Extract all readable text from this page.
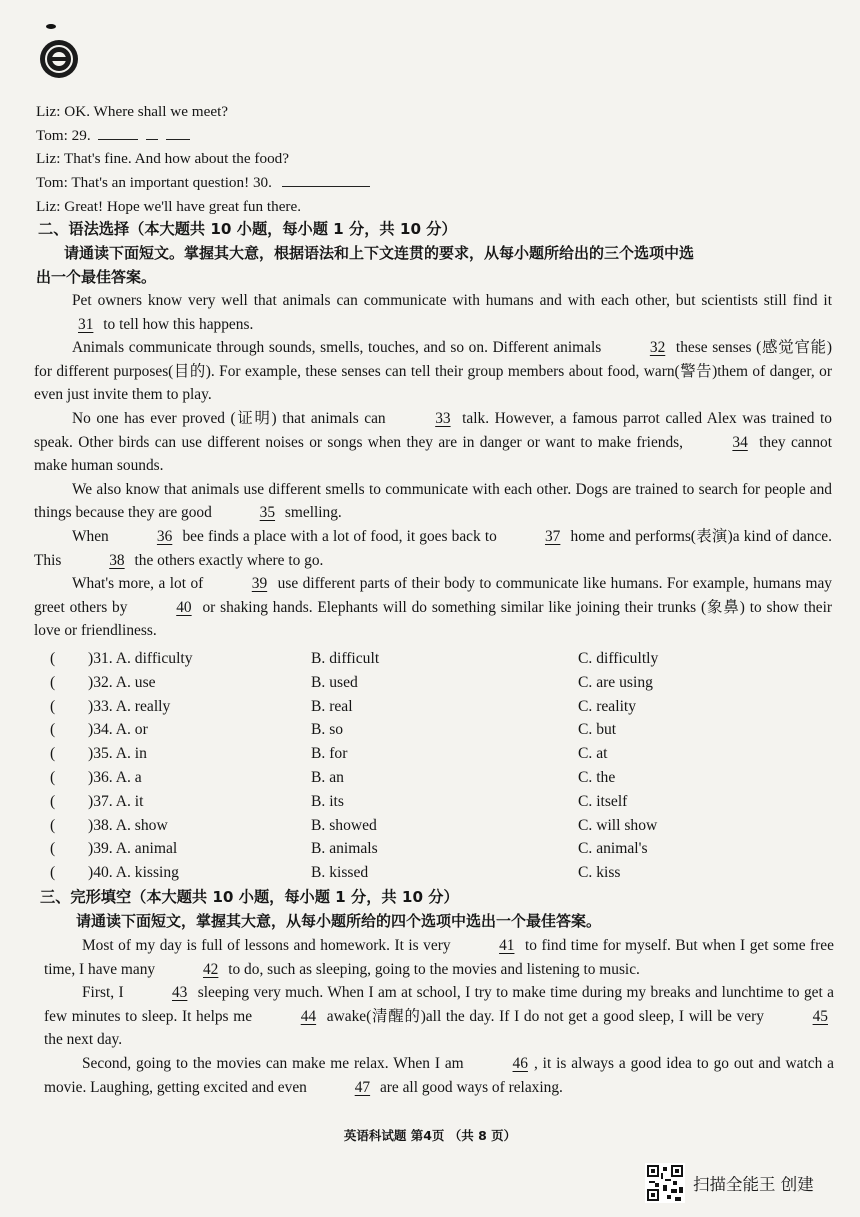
Liz: OK. Where shall we meet?
Tom: 29.
Liz: That's fine. And how about the food?
Tom: That's an important question! 30.
Liz: Great! Hope we'll have great fun there.
二、语法选择（本大题共 10 小题，每小题 1 分，共 10 分）
请通读下面短文。掌握其大意，根据语法和上下文连贯的要求，从每小题所给出的三个选项中选
出一个最佳答案。

Pet owners know very well that animals can communicate with humans and with each other, but scientists still find it 31 to tell how this happens.

Animals communicate through sounds, smells, touches, and so on. Different animals	32 these senses (感觉官能) for different purposes(目的). For example, these senses can tell their group members about food, warn(警告)them of danger, or even just invite them to play.

No one has ever proved (证明) that animals can	33 talk. However, a famous parrot called Alex was trained to speak. Other birds can use different noises or songs when they are in danger or want to make friends,	34 they cannot make human sounds.

We also know that animals use different smells to communicate with each other. Dogs are trained to search for people and things because they are good	35 smelling.

When	36 bee finds a place with a lot of food, it goes back to	37 home and performs(表演)a kind of dance. This	38 the others exactly where to go.

What's more, a lot of	39 use different parts of their body to communicate like humans. For example, humans may greet others by	40 or shaking hands. Elephants will do something similar like joining their trunks (象鼻) to show their love or friendliness.

( )31. A. difficulty	B. difficult	C. difficultly
( )32. A. use	B. used	C. are using
( )33. A. really	B. real	C. reality
( )34. A. or	B. so	C. but
( )35. A. in	B. for	C. at
( )36. A. a	B. an	C. the
( )37. A. it	B. its	C. itself
( )38. A. show	B. showed	C. will show
( )39. A. animal	B. animals	C. animal's
( )40. A. kissing	B. kissed	C. kiss
三、完形填空（本大题共 10 小题，每小题 1 分，共 10 分）
请通读下面短文，掌握其大意，从每小题所给的四个选项中选出一个最佳答案。

Most of my day is full of lessons and homework. It is very	41 to find time for myself. But when I get some free time, I have many	42 to do, such as sleeping, going to the movies and listening to music.

First, I	43 sleeping very much. When I am at school, I try to make time during my breaks and lunchtime to get a few minutes to sleep. It helps me	44 awake(清醒的)all the day. If I do not get a good sleep, I will be very	45 the next day.

Second, going to the movies can make me relax. When I am	46 , it is always a good idea to go out and watch a movie. Laughing, getting excited and even	47 are all good ways of relaxing.

英语科试题 第4页 （共 8 页）
扫描全能王 创建
